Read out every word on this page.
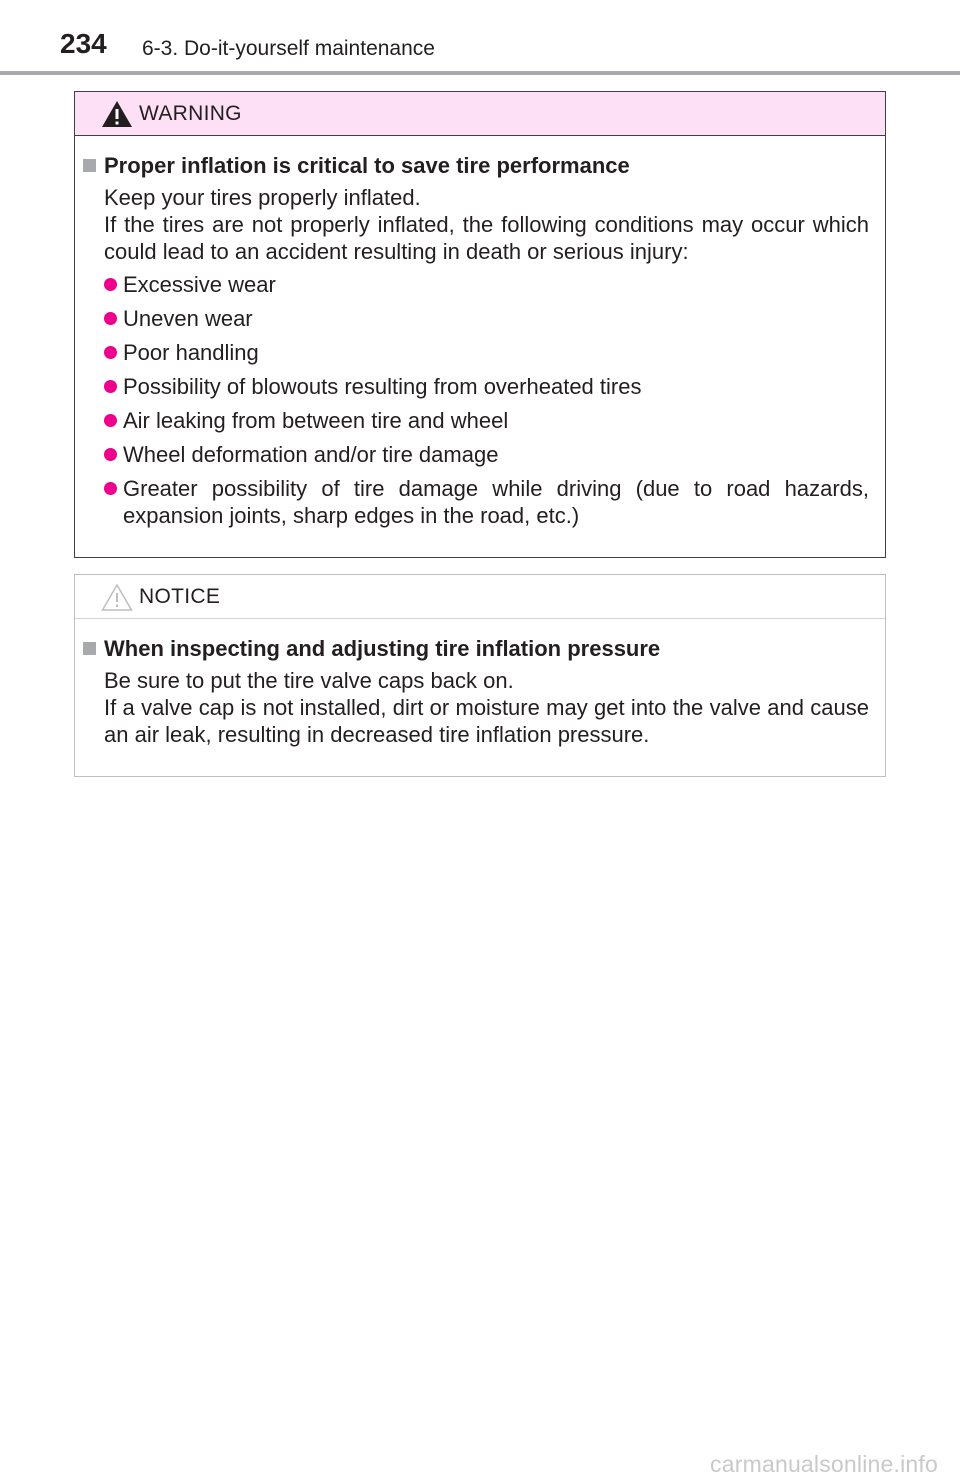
234 6-3. Do-it-yourself maintenance
WARNING
Proper inflation is critical to save tire performance
Keep your tires properly inflated.
If the tires are not properly inflated, the following conditions may occur which could lead to an accident resulting in death or serious injury:
Excessive wear
Uneven wear
Poor handling
Possibility of blowouts resulting from overheated tires
Air leaking from between tire and wheel
Wheel deformation and/or tire damage
Greater possibility of tire damage while driving (due to road hazards, expansion joints, sharp edges in the road, etc.)
NOTICE
When inspecting and adjusting tire inflation pressure
Be sure to put the tire valve caps back on.
If a valve cap is not installed, dirt or moisture may get into the valve and cause an air leak, resulting in decreased tire inflation pressure.
carmanualsonline.info
